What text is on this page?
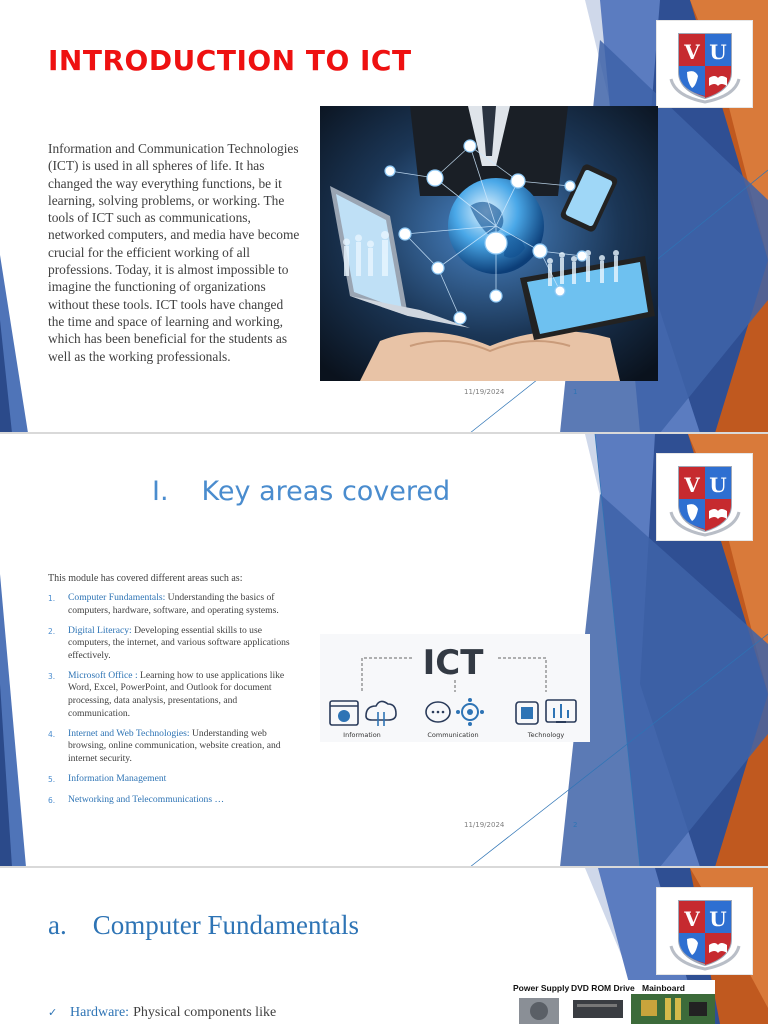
INTRODUCTION TO ICT	V U

Information and Communication Technologies (ICT) is used in all spheres of life. It has changed the way everything functions, be it learning, solving problems, or working. The tools of ICT such as communications, networked computers, and media have become crucial for the efficient working of all professions. Today, it is almost impossible to imagine the functioning of organizations without these tools. ICT tools have changed the time and space of learning and working, which has been beneficial for the students as well as the working professionals.

11/19/2024	1
V U
I. Key areas covered

This module has covered different areas such as:

1.	Computer Fundamentals: Understanding the basics of computers, hardware, software, and operating systems.
2.	Digital Literacy: Developing essential skills to use computers, the internet, and various software applications effectively.
3.	Microsoft Office : Learning how to use applications like Word, Excel, PowerPoint, and Outlook for document processing, data analysis, presentations, and communication.
4.	Internet and Web Technologies: Understanding web browsing, online communication, website creation, and internet security.
5.	Information Management
6.	Networking and Telecommunications …
ICT
Information	Communication	Technology
11/19/2024	2
V U
a. Computer Fundamentals
✓ Hardware: Physical components like
Power Supply DVD ROM Drive Mainboard
